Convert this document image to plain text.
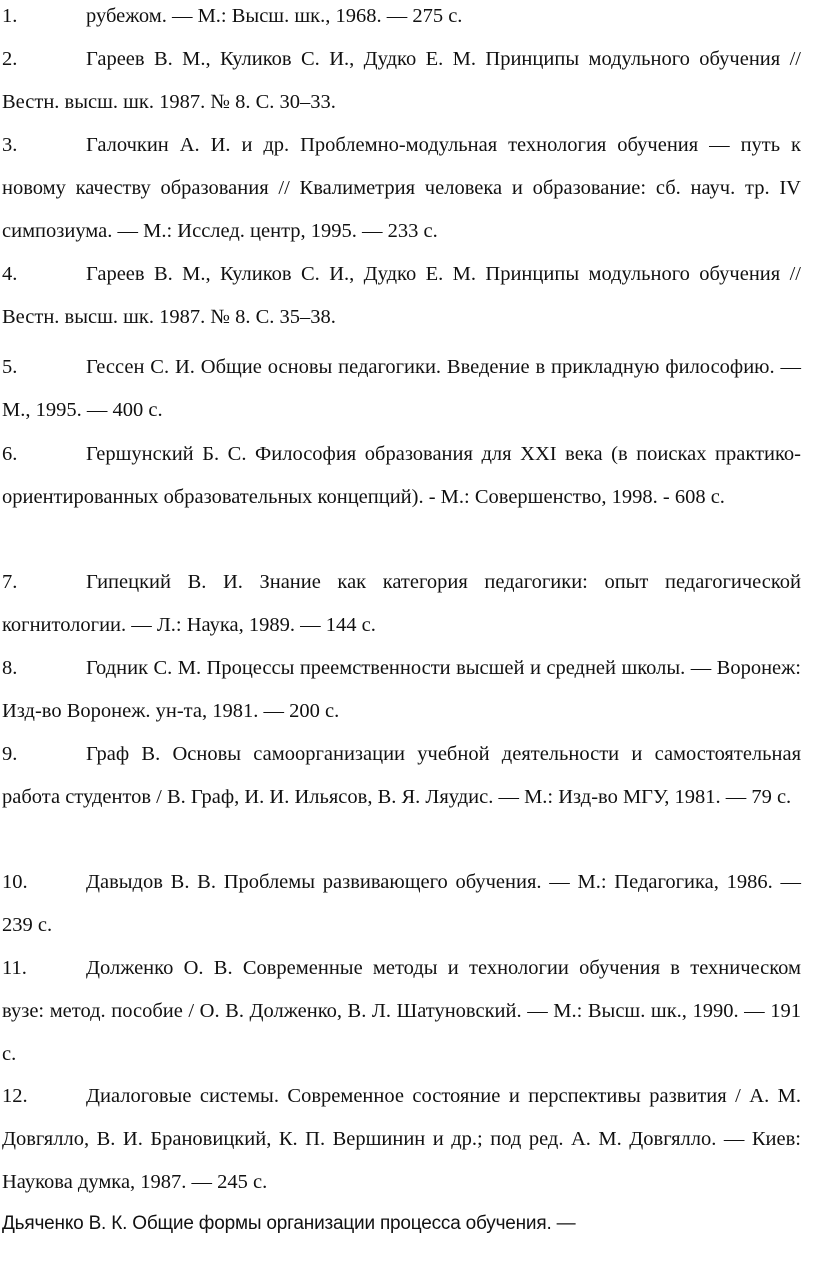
1.	рубежом. — М.: Высш. шк., 1968. — 275 с.

2.	Гареев В. М., Куликов С. И., Дудко Е. М. Принципы модульного обучения // Вестн. высш. шк. 1987. № 8. С. 30–33.

3.	Галочкин А. И. и др. Проблемно-модульная технология обучения — путь к новому качеству образования // Квалиметрия человека и образование: сб. науч. тр. IV симпозиума. — М.: Исслед. центр, 1995. — 233 с.

4.	Гареев В. М., Куликов С. И., Дудко Е. М. Принципы модульного обучения // Вестн. высш. шк. 1987. № 8. С. 35–38.

5.	Гессен С. И. Общие основы педагогики. Введение в прикладную философию. — М., 1995. — 400 с.

6.	Гершунский Б. С. Философия образования для XXI века (в поисках практико-ориентированных образовательных концепций). - М.: Совершенство, 1998. - 608 с.

7.	Гипецкий В. И. Знание как категория педагогики: опыт педагогической когнитологии. — Л.: Наука, 1989. — 144 с.

8.	Годник С. М. Процессы преемственности высшей и средней школы. — Воронеж: Изд-во Воронеж. ун-та, 1981. — 200 с.

9.	Граф В. Основы самоорганизации учебной деятельности и самостоятельная работа студентов / В. Граф, И. И. Ильясов, В. Я. Ляудис. — М.: Изд-во МГУ, 1981. — 79 с.

10.	Давыдов В. В. Проблемы развивающего обучения. — М.: Педагогика, 1986. — 239 с.

11.	Долженко О. В. Современные методы и технологии обучения в техническом вузе: метод. пособие / О. В. Долженко, В. Л. Шатуновский. — М.: Высш. шк., 1990. — 191 с.

12.	Диалоговые системы. Современное состояние и перспективы развития / А. М. Довгялло, В. И. Брановицкий, К. П. Вершинин и др.; под ред. А. М. Довгялло. — Киев: Наукова думка, 1987. — 245 с.

Дьяченко В. К. Общие формы организации процесса обучения. —
